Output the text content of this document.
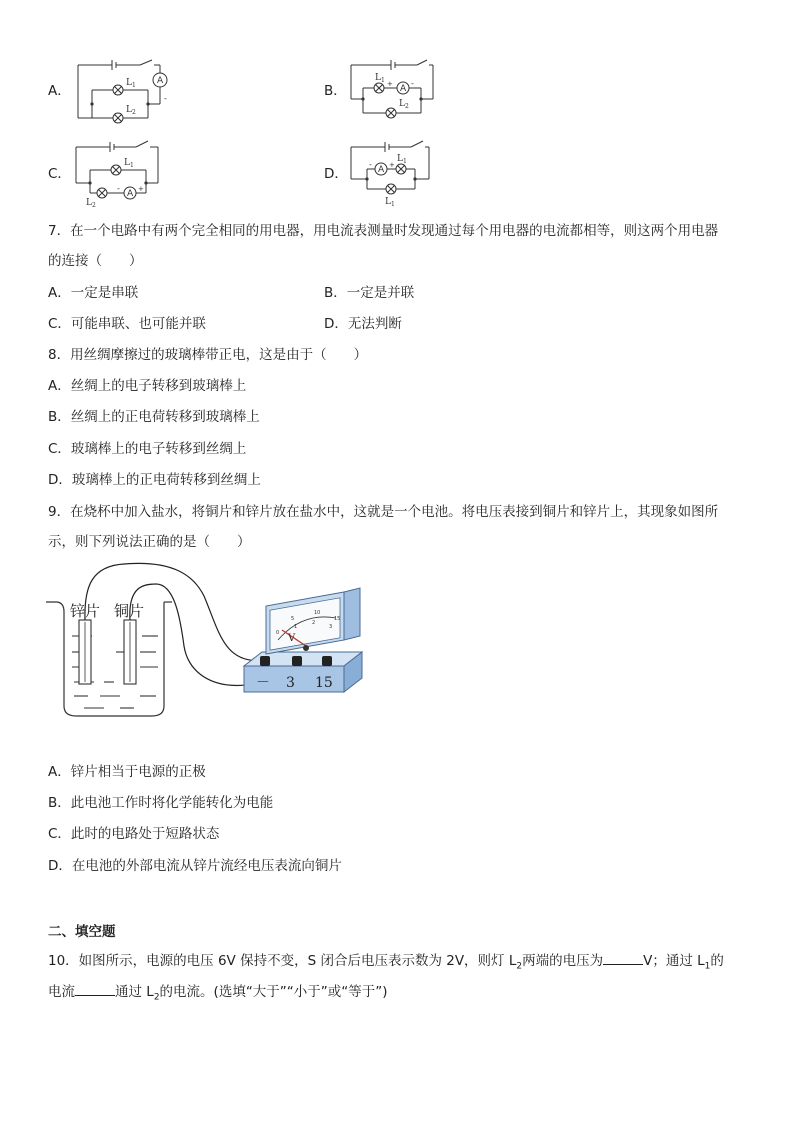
A．
A
L 1
L 2
-	B．	A
L 1
L 2
+ -
C．
A
L 1
L 2
-	+
D．	A
L 1
L 1
- +
7．在一个电路中有两个完全相同的用电器，用电流表测量时发现通过每个用电器的电流都相等，则这两个用电器
的连接（　　）
A．一定是串联	B．一定是并联
C．可能串联、也可能并联	D．无法判断
8．用丝绸摩擦过的玻璃棒带正电，这是由于（　　）
A．丝绸上的电子转移到玻璃棒上
B．丝绸上的正电荷转移到玻璃棒上
C．玻璃棒上的电子转移到丝绸上
D．玻璃棒上的正电荷转移到丝绸上
9．在烧杯中加入盐水，将铜片和锌片放在盐水中，这就是一个电池。将电压表接到铜片和锌片上，其现象如图所
示，则下列说法正确的是（　　）
锌片 铜片
V
0
5
10
15
1
2
3
－ 3 15
A．锌片相当于电源的正极
B．此电池工作时将化学能转化为电能
C．此时的电路处于短路状态
D．在电池的外部电流从锌片流经电压表流向铜片
二、填空题
10．如图所示，电源的电压 6V 保持不变，S 闭合后电压表示数为 2V，则灯 $L_2$两端的电压为	V；通过 $L_1$的
电流	通过 $L_2$的电流。(选填“大于”“小于”或“等于”)
